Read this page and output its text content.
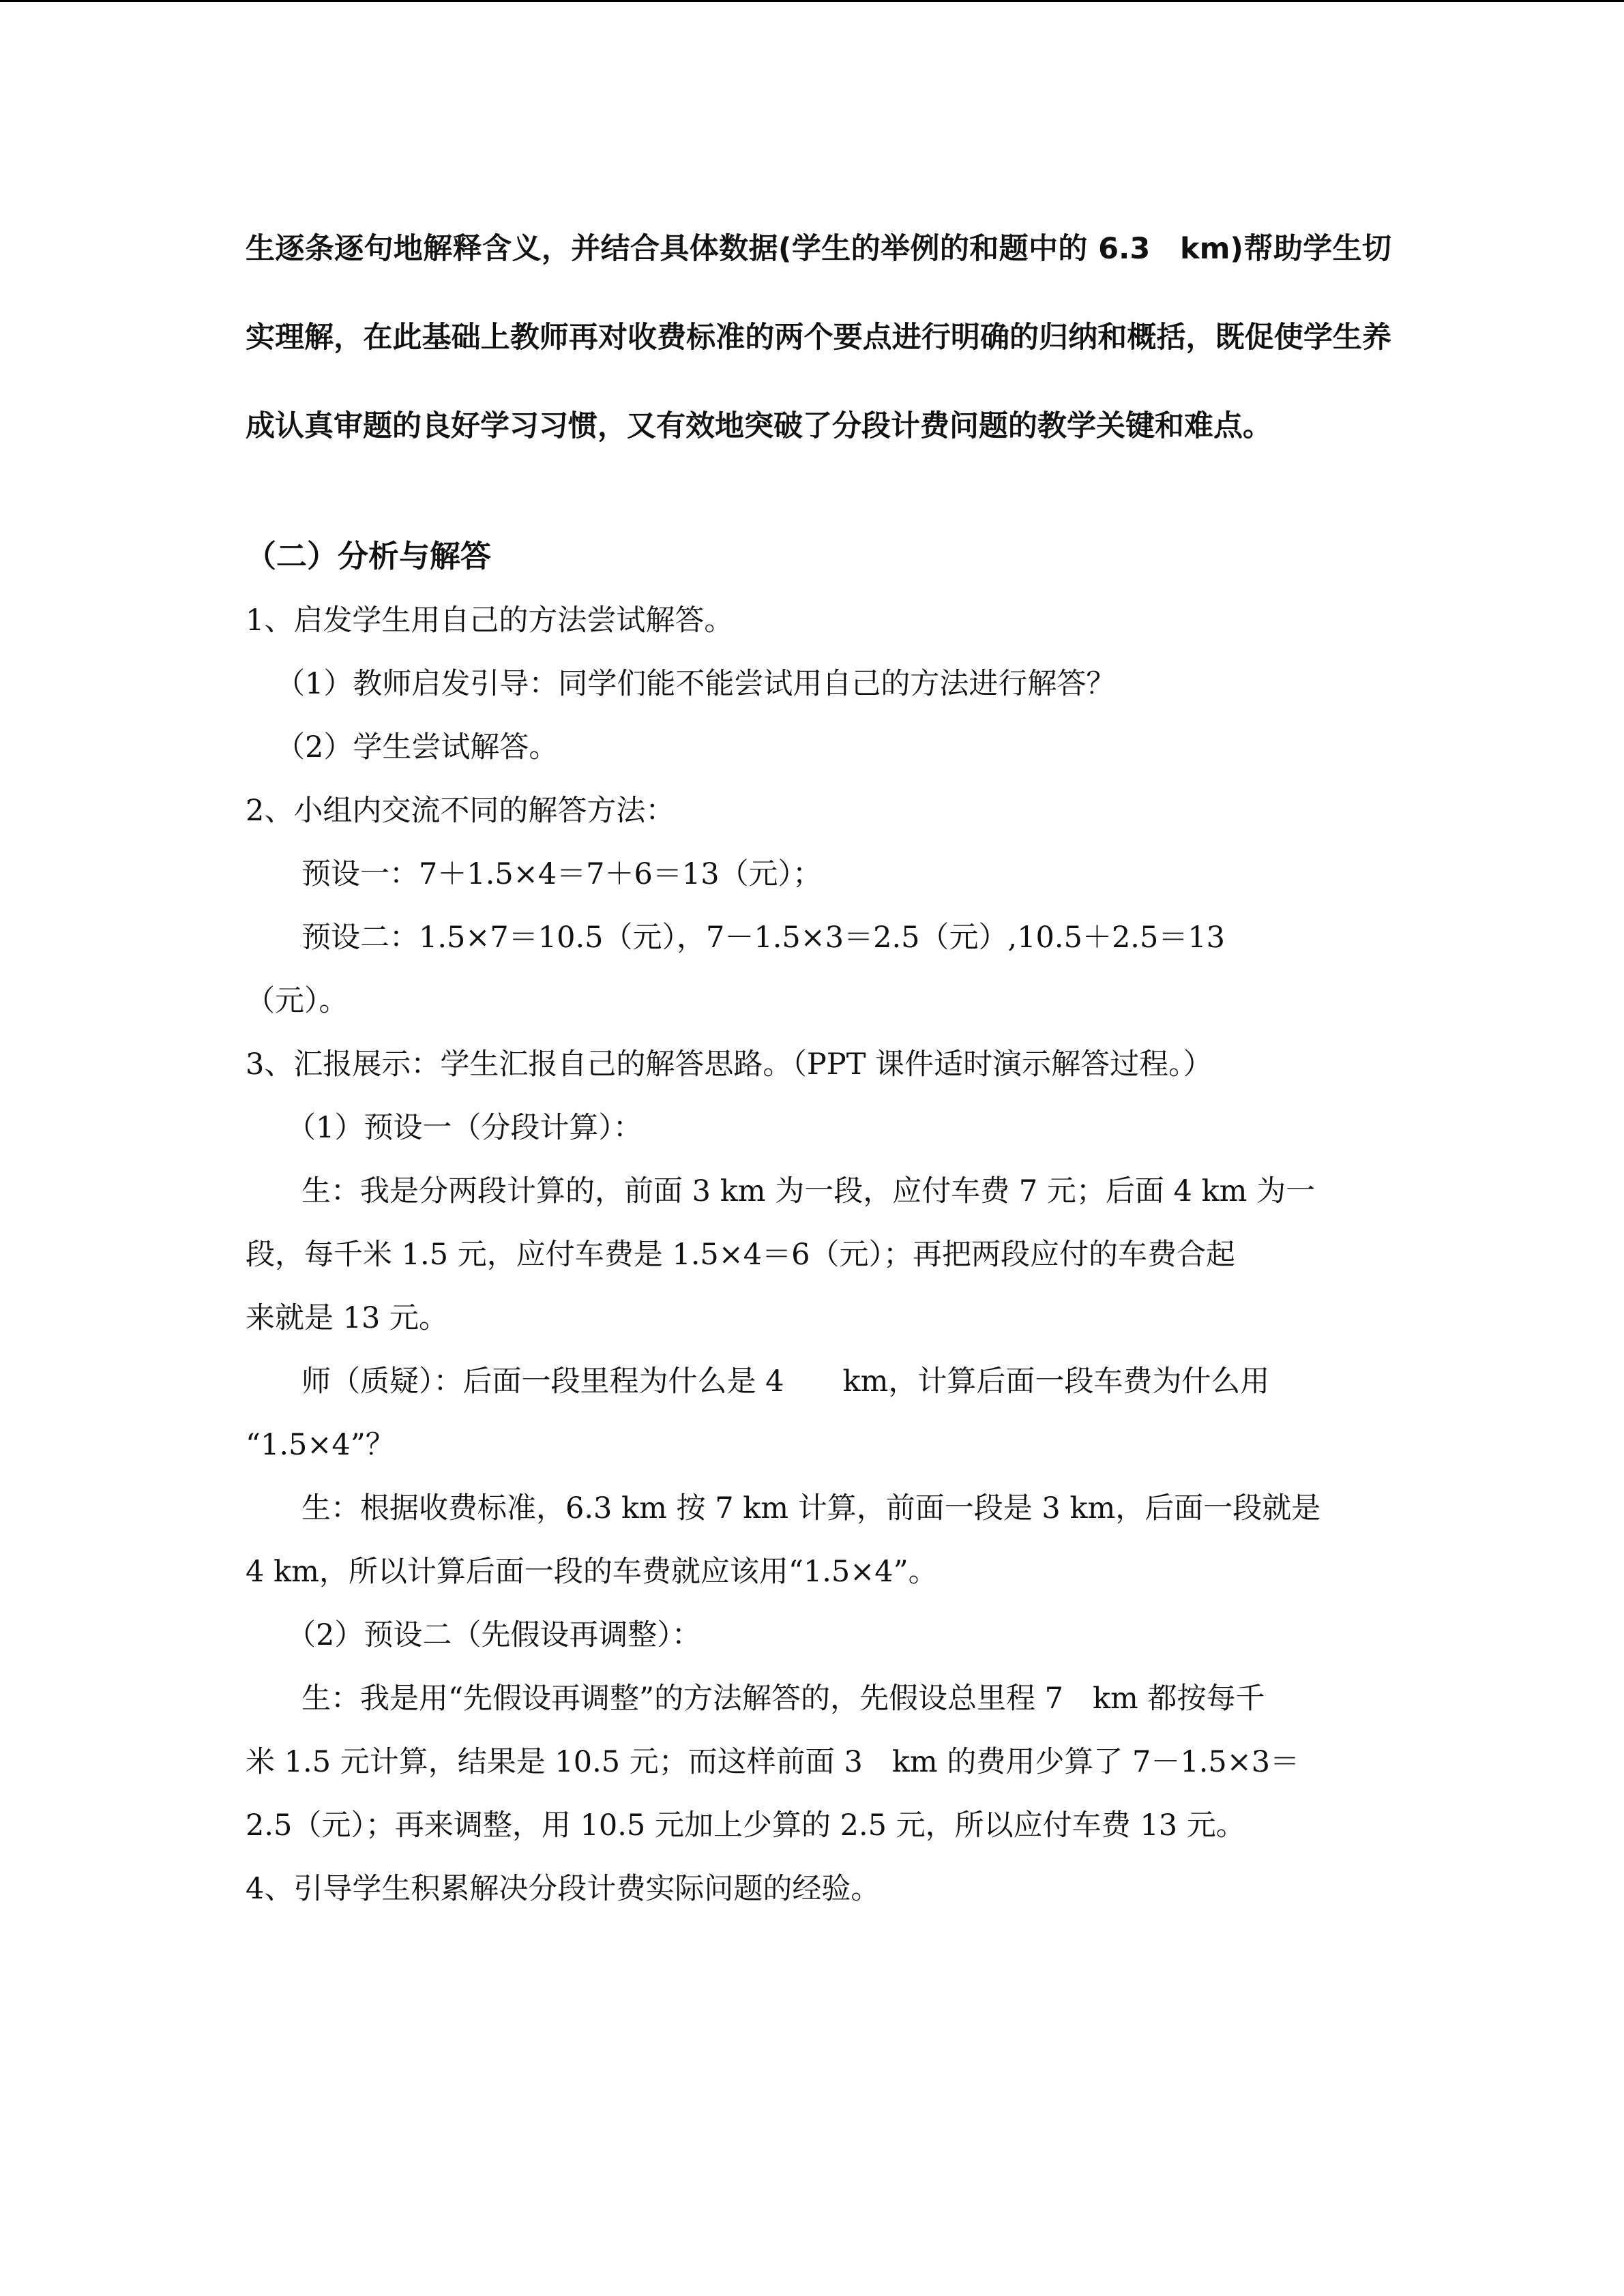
生逐条逐句地解释含义，并结合具体数据(学生的举例的和题中的 6.3　km)帮助学生切实理解，在此基础上教师再对收费标准的两个要点进行明确的归纳和概括，既促使学生养成认真审题的良好学习习惯，又有效地突破了分段计费问题的教学关键和难点。

（二）分析与解答

1、启发学生用自己的方法尝试解答。

（1）教师启发引导：同学们能不能尝试用自己的方法进行解答？

（2）学生尝试解答。

2、小组内交流不同的解答方法：

预设一：7＋1.5×4＝7＋6＝13（元）；

预设二：1.5×7＝10.5（元），7－1.5×3＝2.5（元）,10.5＋2.5＝13

（元）。

3、汇报展示：学生汇报自己的解答思路。（PPT 课件适时演示解答过程。）

（1）预设一（分段计算）：

生：我是分两段计算的，前面 3 km 为一段，应付车费 7 元；后面 4 km 为一

段，每千米 1.5 元，应付车费是 1.5×4＝6（元）；再把两段应付的车费合起

来就是 13 元。

师（质疑）：后面一段里程为什么是 4　　km，计算后面一段车费为什么用

“1.5×4”？

生：根据收费标准，6.3 km 按 7 km 计算，前面一段是 3 km，后面一段就是

4 km，所以计算后面一段的车费就应该用“1.5×4”。

（2）预设二（先假设再调整）：

生：我是用“先假设再调整”的方法解答的，先假设总里程 7　km 都按每千

米 1.5 元计算，结果是 10.5 元；而这样前面 3　km 的费用少算了 7－1.5×3＝

2.5（元）；再来调整，用 10.5 元加上少算的 2.5 元，所以应付车费 13 元。

4、引导学生积累解决分段计费实际问题的经验。
